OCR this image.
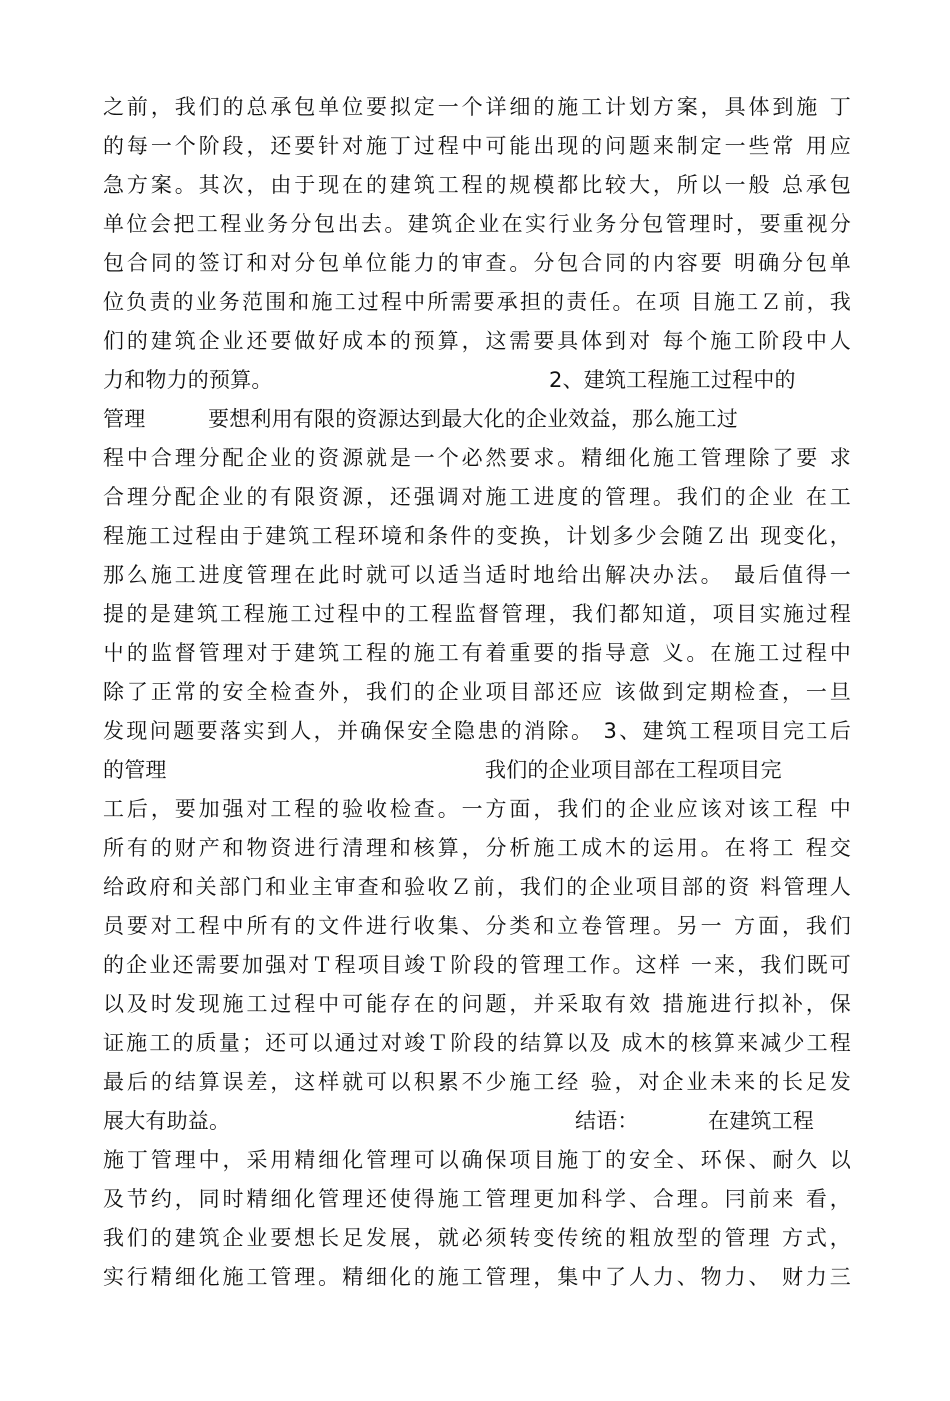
之前，我们的总承包单位要拟定一个详细的施工计划方案，具体到施 丁
的每一个阶段，还要针对施丁过程中可能出现的问题来制定一些常 用应
急方案。其次，由于现在的建筑工程的规模都比较大，所以一般 总承包
单位会把工程业务分包出去。建筑企业在实行业务分包管理时，要重视分
包合同的签订和对分包单位能力的审查。分包合同的内容要 明确分包单
位负责的业务范围和施工过程中所需要承担的责任。在项 目施工Ｚ前，我
们的建筑企业还要做好成本的预算，这需要具体到对 每个施工阶段中人

力和物力的预算。

	2、建筑工程施工过程中的

管理

	要想利用有限的资源达到最大化的企业效益，那么施工过

程中合理分配企业的资源就是一个必然要求。精细化施工管理除了要 求
合理分配企业的有限资源，还强调对施工进度的管理。我们的企业 在工
程施工过程由于建筑工程环境和条件的变换，计划多少会随Ｚ出 现变化，
那么施工进度管理在此时就可以适当适时地给出解决办法。 最后值得一
提的是建筑工程施工过程中的工程监督管理，我们都知道，项目实施过程
屮的监督管理对于建筑工程的施工有着重要的指导意 义。在施工过程中
除了正常的安全检查外，我们的企业项目部还应 该做到定期检查，一旦
发现问题要落实到人，并确保安全隐患的消除。 3、建筑工程项目完工后

的管理

	我们的企业项目部在工程项目完

工后，要加强对工程的验收检查。一方面，我们的企业应该对该工程 中
所有的财产和物资进行清理和核算，分析施工成木的运用。在将工 程交
给政府和关部门和业主审查和验收Ｚ前，我们的企业项目部的资 料管理人
员要对工程中所有的文件进行收集、分类和立卷管理。另一 方面，我们
的企业还需要加强对Ｔ程项目竣Ｔ阶段的管理工作。这样 一来，我们既可
以及时发现施工过程中可能存在的问题，并采取有效 措施进行拟补，保
证施工的质量；还可以通过对竣Ｔ阶段的结算以及 成木的核算来减少工程
最后的结算误差，这样就可以积累不少施工经 验，对企业未来的长足发

展大有助益。

	结语：

	在建筑工程

施丁管理中，采用精细化管理可以确保项目施丁的安全、环保、耐久 以
及节约，同时精细化管理还使得施工管理更加科学、合理。冃前来 看，
我们的建筑企业要想长足发展，就必须转变传统的粗放型的管理 方式，
实行精细化施工管理。精细化的施工管理，集中了人力、物力、 财力三
